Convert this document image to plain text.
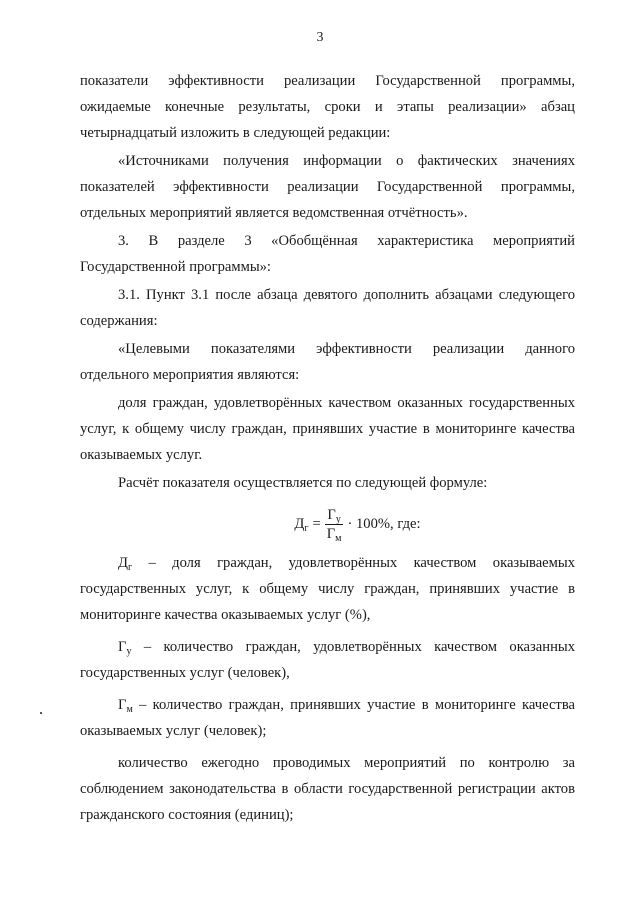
3

показатели эффективности реализации Государственной программы, ожидаемые конечные результаты, сроки и этапы реализации» абзац четырнадцатый изложить в следующей редакции:

«Источниками получения информации о фактических значениях показателей эффективности реализации Государственной программы, отдельных мероприятий является ведомственная отчётность».

3. В разделе 3 «Обобщённая характеристика мероприятий Государственной программы»:

3.1. Пункт 3.1 после абзаца девятого дополнить абзацами следующего содержания:

«Целевыми показателями эффективности реализации данного отдельного мероприятия являются:

доля граждан, удовлетворённых качеством оказанных государственных услуг, к общему числу граждан, принявших участие в мониторинге качества оказываемых услуг.

Расчёт показателя осуществляется по следующей формуле:

$Д_г = \frac{Г_у}{Г_м} \cdot 100\%$, где:

$Д_г$ – доля граждан, удовлетворённых качеством оказываемых государственных услуг, к общему числу граждан, принявших участие в мониторинге качества оказываемых услуг (%),

$Г_у$ – количество граждан, удовлетворённых качеством оказанных государственных услуг (человек),

$Г_м$ – количество граждан, принявших участие в мониторинге качества оказываемых услуг (человек);

количество ежегодно проводимых мероприятий по контролю за соблюдением законодательства в области государственной регистрации актов гражданского состояния (единиц);
